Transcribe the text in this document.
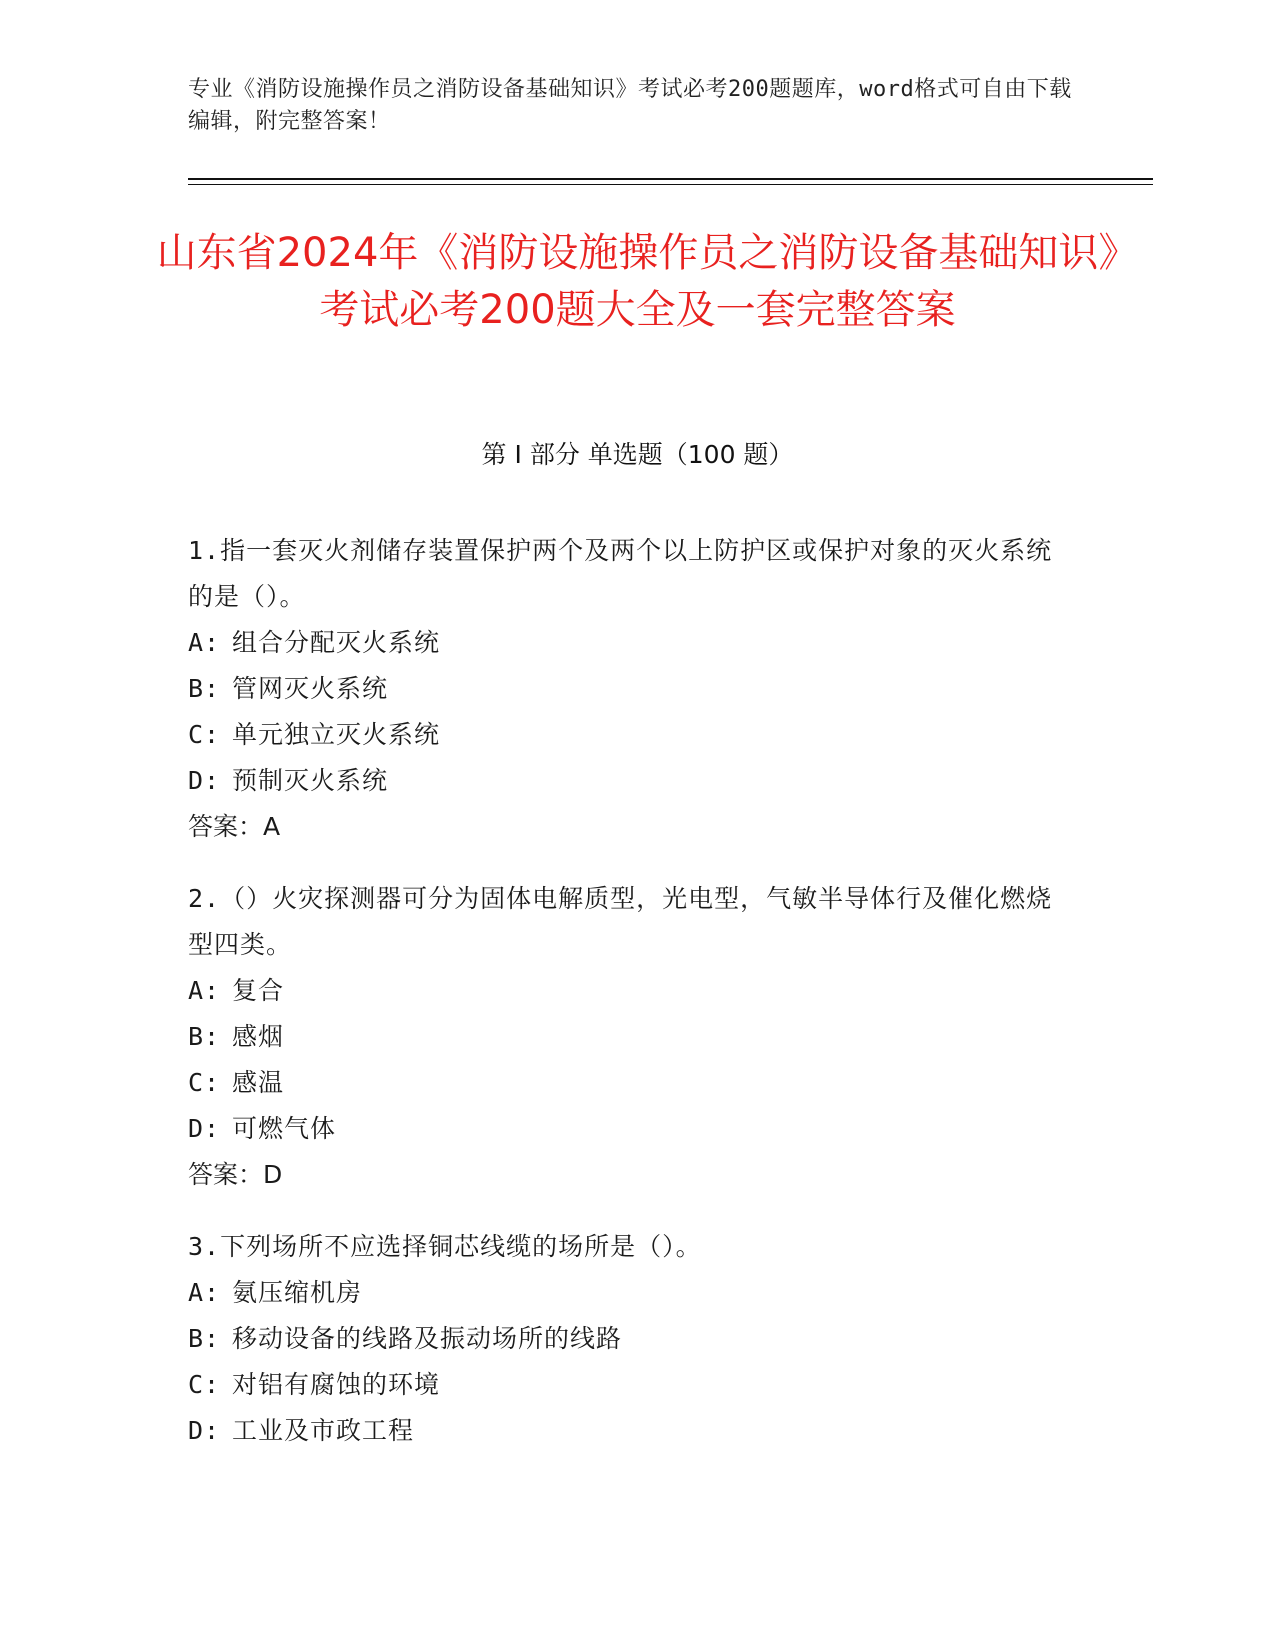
专业《消防设施操作员之消防设备基础知识》考试必考200题题库，word格式可自由下载编辑，附完整答案！
山东省2024年《消防设施操作员之消防设备基础知识》考试必考200题大全及一套完整答案
第 I 部分 单选题（100 题）
1.指一套灭火剂储存装置保护两个及两个以上防护区或保护对象的灭火系统的是（）。
A: 组合分配灭火系统
B: 管网灭火系统
C: 单元独立灭火系统
D: 预制灭火系统
答案：A
2.（）火灾探测器可分为固体电解质型，光电型，气敏半导体行及催化燃烧型四类。
A: 复合
B: 感烟
C: 感温
D: 可燃气体
答案：D
3.下列场所不应选择铜芯线缆的场所是（）。
A: 氨压缩机房
B: 移动设备的线路及振动场所的线路
C: 对铝有腐蚀的环境
D: 工业及市政工程
